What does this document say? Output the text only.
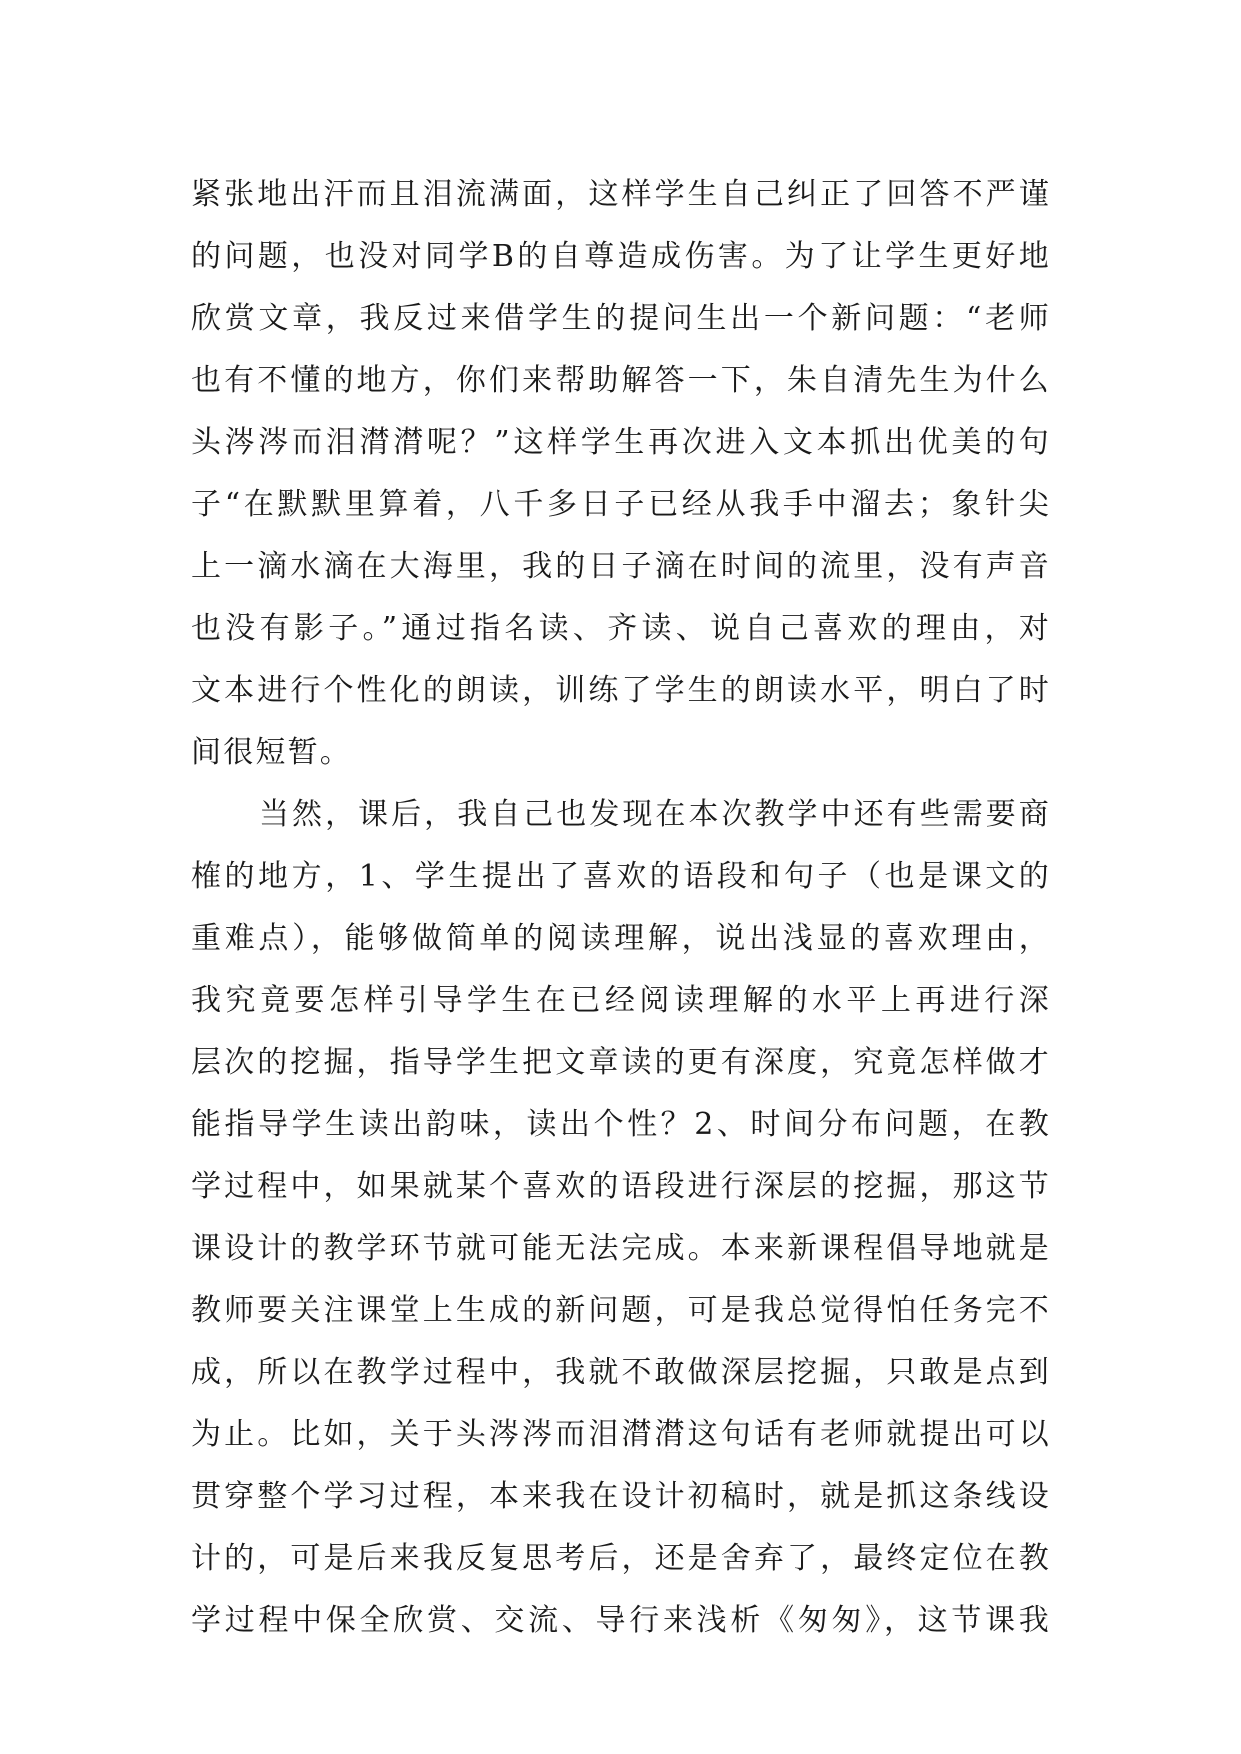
紧张地出汗而且泪流满面，这样学生自己纠正了回答不严谨
的问题，也没对同学B的自尊造成伤害。为了让学生更好地
欣赏文章，我反过来借学生的提问生出一个新问题：“老师
也有不懂的地方，你们来帮助解答一下，朱自清先生为什么
头涔涔而泪潸潸呢？”这样学生再次进入文本抓出优美的句
子“在默默里算着，八千多日子已经从我手中溜去；象针尖
上一滴水滴在大海里，我的日子滴在时间的流里，没有声音
也没有影子。”通过指名读、齐读、说自己喜欢的理由，对
文本进行个性化的朗读，训练了学生的朗读水平，明白了时
间很短暂。
当然，课后，我自己也发现在本次教学中还有些需要商
榷的地方，1、学生提出了喜欢的语段和句子（也是课文的
重难点），能够做简单的阅读理解，说出浅显的喜欢理由，
我究竟要怎样引导学生在已经阅读理解的水平上再进行深
层次的挖掘，指导学生把文章读的更有深度，究竟怎样做才
能指导学生读出韵味，读出个性？2、时间分布问题，在教
学过程中，如果就某个喜欢的语段进行深层的挖掘，那这节
课设计的教学环节就可能无法完成。本来新课程倡导地就是
教师要关注课堂上生成的新问题，可是我总觉得怕任务完不
成，所以在教学过程中，我就不敢做深层挖掘，只敢是点到
为止。比如，关于头涔涔而泪潸潸这句话有老师就提出可以
贯穿整个学习过程，本来我在设计初稿时，就是抓这条线设
计的，可是后来我反复思考后，还是舍弃了，最终定位在教
学过程中保全欣赏、交流、导行来浅析《匆匆》，这节课我
